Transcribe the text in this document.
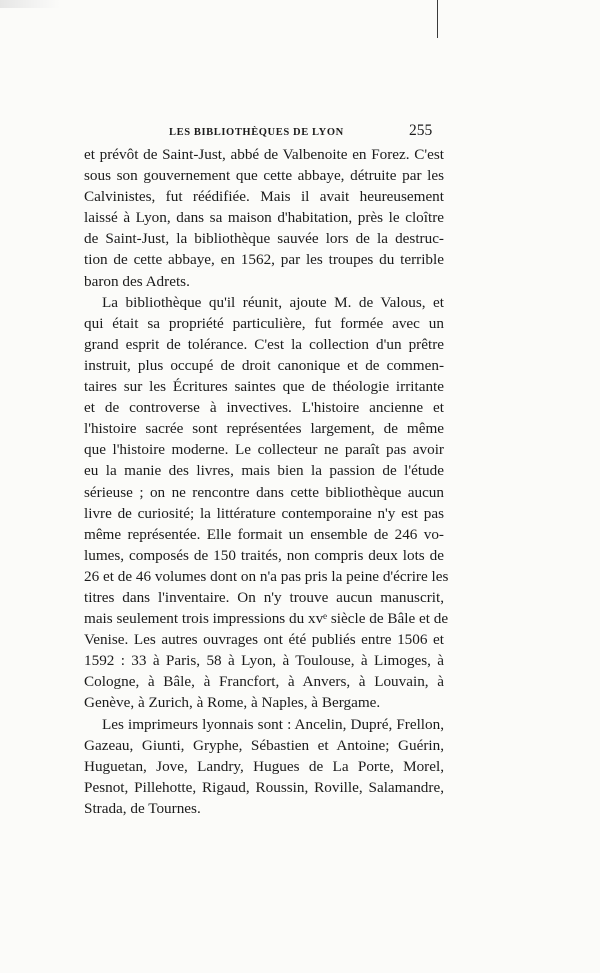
LES BIBLIOTHÈQUES DE LYON	255
et prévôt de Saint-Just, abbé de Valbenoite en Forez. C'est
sous son gouvernement que cette abbaye, détruite par les
Calvinistes, fut réédifiée. Mais il avait heureusement
laissé à Lyon, dans sa maison d'habitation, près le cloître
de Saint-Just, la bibliothèque sauvée lors de la destruc-
tion de cette abbaye, en 1562, par les troupes du terrible
baron des Adrets.
La bibliothèque qu'il réunit, ajoute M. de Valous, et
qui était sa propriété particulière, fut formée avec un
grand esprit de tolérance. C'est la collection d'un prêtre
instruit, plus occupé de droit canonique et de commen-
taires sur les Écritures saintes que de théologie irritante
et de controverse à invectives. L'histoire ancienne et
l'histoire sacrée sont représentées largement, de même
que l'histoire moderne. Le collecteur ne paraît pas avoir
eu la manie des livres, mais bien la passion de l'étude
sérieuse ; on ne rencontre dans cette bibliothèque aucun
livre de curiosité; la littérature contemporaine n'y est pas
même représentée. Elle formait un ensemble de 246 vo-
lumes, composés de 150 traités, non compris deux lots de
26 et de 46 volumes dont on n'a pas pris la peine d'écrire les
titres dans l'inventaire. On n'y trouve aucun manuscrit,
mais seulement trois impressions du xvᵉ siècle de Bâle et de
Venise. Les autres ouvrages ont été publiés entre 1506 et
1592 : 33 à Paris, 58 à Lyon, à Toulouse, à Limoges, à
Cologne, à Bâle, à Francfort, à Anvers, à Louvain, à
Genève, à Zurich, à Rome, à Naples, à Bergame.
Les imprimeurs lyonnais sont : Ancelin, Dupré, Frellon,
Gazeau, Giunti, Gryphe, Sébastien et Antoine; Guérin,
Huguetan, Jove, Landry, Hugues de La Porte, Morel,
Pesnot, Pillehotte, Rigaud, Roussin, Roville, Salamandre,
Strada, de Tournes.
